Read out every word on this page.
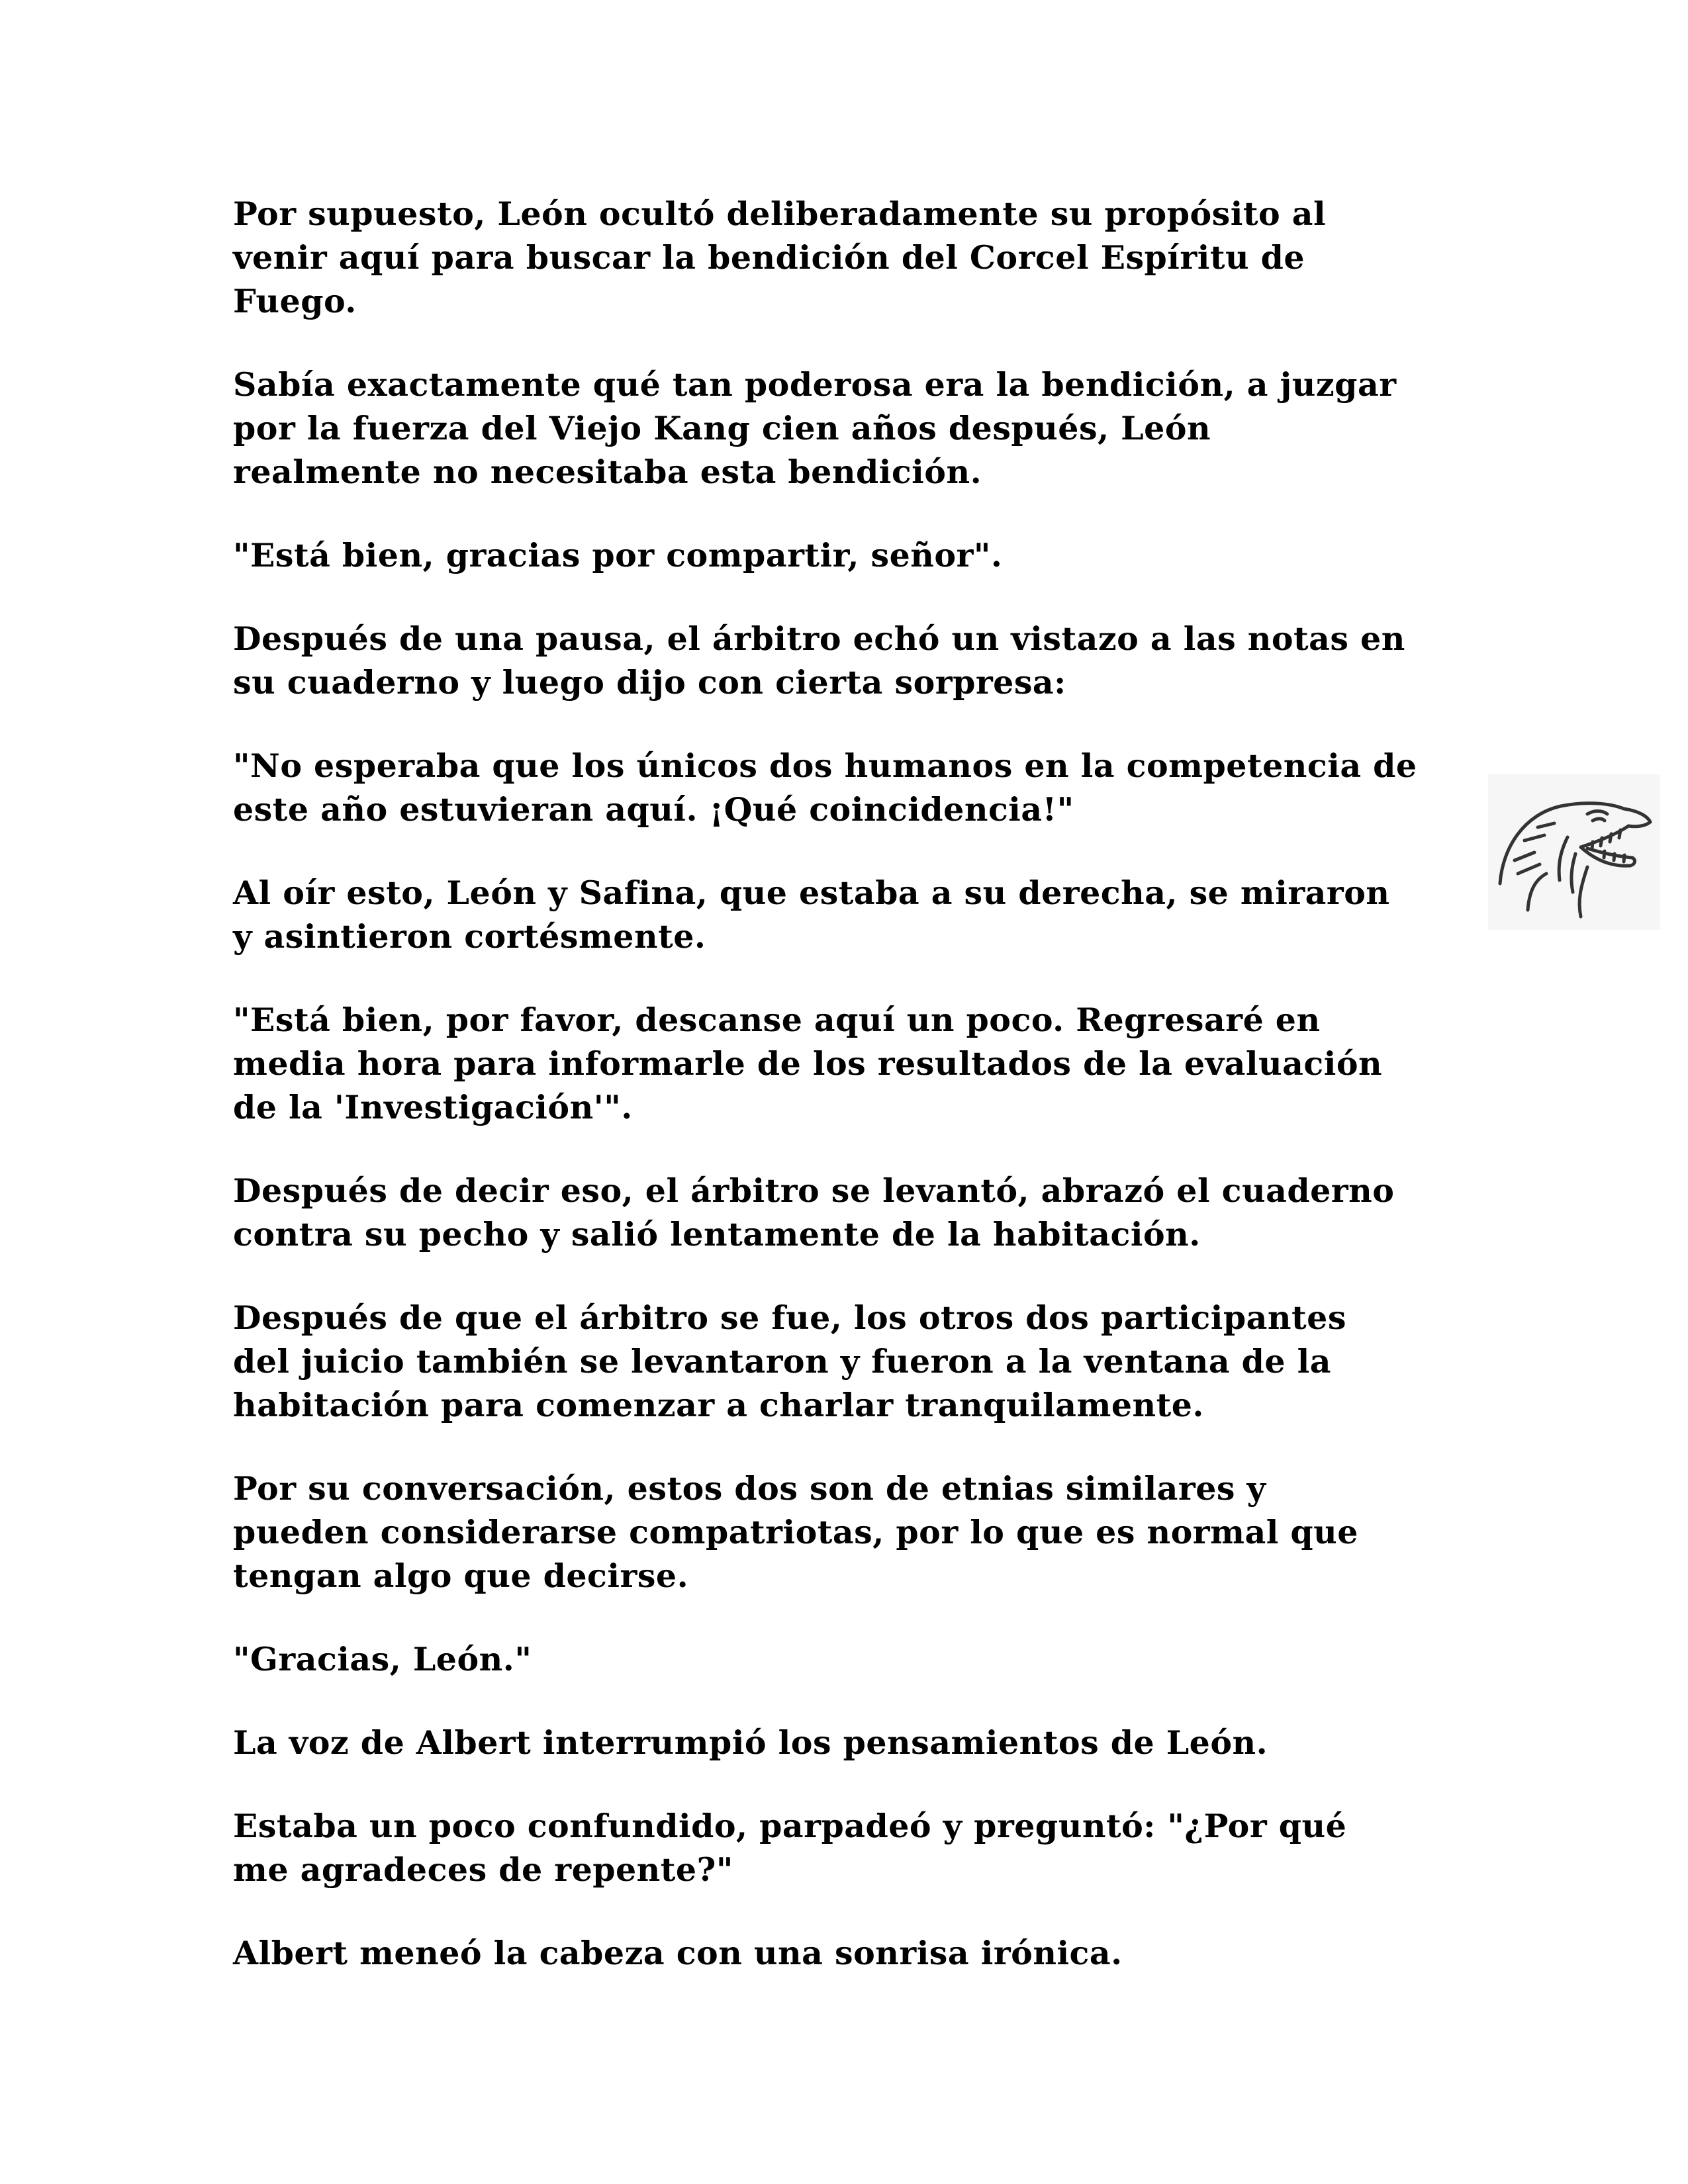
Por supuesto, León ocultó deliberadamente su propósito al
venir aquí para buscar la bendición del Corcel Espíritu de
Fuego.

Sabía exactamente qué tan poderosa era la bendición, a juzgar
por la fuerza del Viejo Kang cien años después, León
realmente no necesitaba esta bendición.

"Está bien, gracias por compartir, señor".

Después de una pausa, el árbitro echó un vistazo a las notas en
su cuaderno y luego dijo con cierta sorpresa:

"No esperaba que los únicos dos humanos en la competencia de
este año estuvieran aquí. ¡Qué coincidencia!"

Al oír esto, León y Safina, que estaba a su derecha, se miraron
y asintieron cortésmente.

"Está bien, por favor, descanse aquí un poco. Regresaré en
media hora para informarle de los resultados de la evaluación
de la 'Investigación'".

Después de decir eso, el árbitro se levantó, abrazó el cuaderno
contra su pecho y salió lentamente de la habitación.

Después de que el árbitro se fue, los otros dos participantes
del juicio también se levantaron y fueron a la ventana de la
habitación para comenzar a charlar tranquilamente.

Por su conversación, estos dos son de etnias similares y
pueden considerarse compatriotas, por lo que es normal que
tengan algo que decirse.

"Gracias, León."

La voz de Albert interrumpió los pensamientos de León.

Estaba un poco confundido, parpadeó y preguntó: "¿Por qué
me agradeces de repente?"

Albert meneó la cabeza con una sonrisa irónica.
